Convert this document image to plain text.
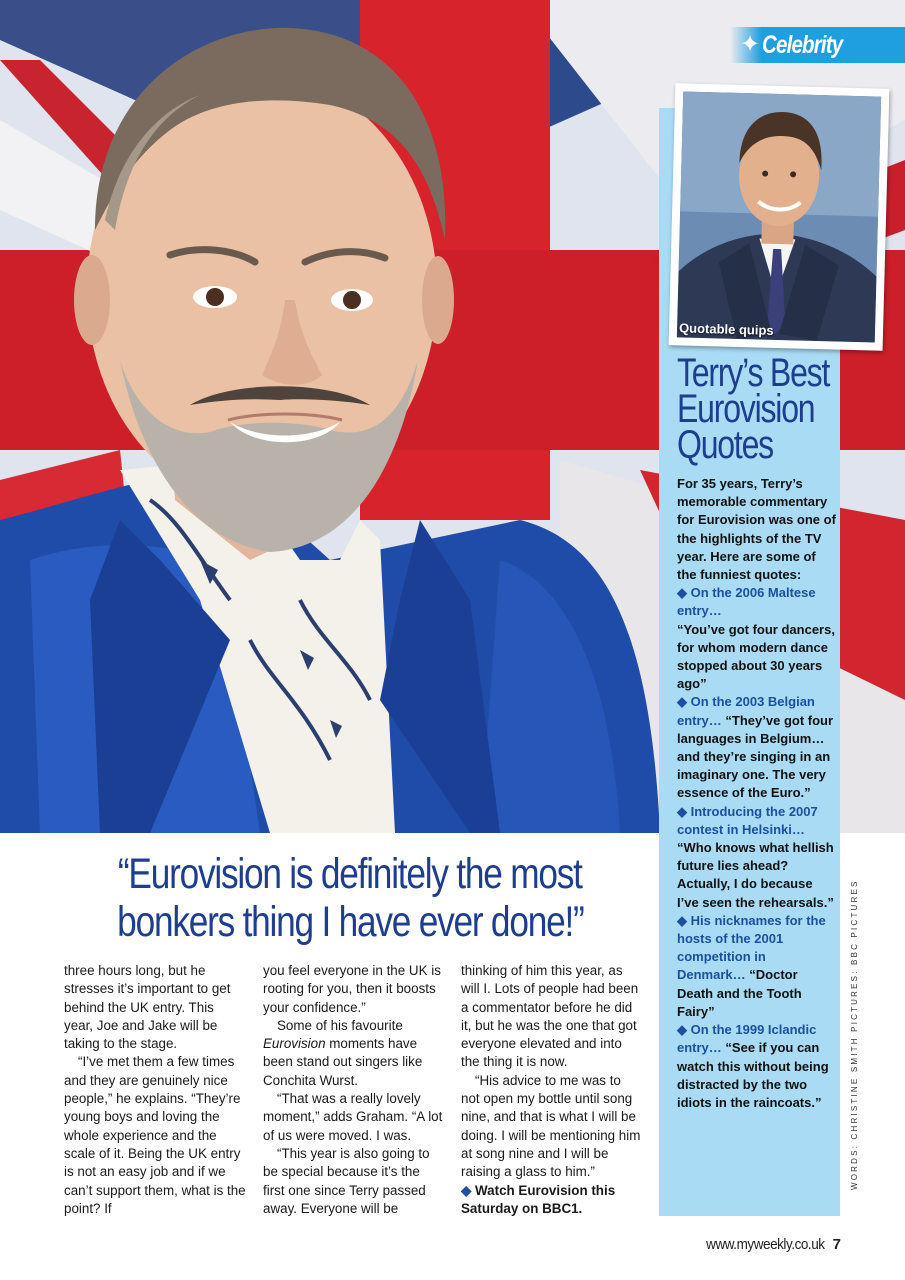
✦ Celebrity
Quotable quips
Terry’s Best
Eurovision
Quotes

For 35 years, Terry’s memorable commentary for Eurovision was one of the highlights of the TV year. Here are some of the funniest quotes:

◆ On the 2006 Maltese entry…
“You’ve got four dancers, for whom modern dance stopped about 30 years ago”

◆ On the 2003 Belgian entry… “They’ve got four languages in Belgium… and they’re singing in an imaginary one. The very essence of the Euro.”

◆ Introducing the 2007 contest in Helsinki… “Who knows what hellish future lies ahead? Actually, I do because I’ve seen the rehearsals.”

◆ His nicknames for the hosts of the 2001 competition in Denmark… “Doctor Death and the Tooth Fairy”

◆ On the 1999 Iclandic entry… “See if you can watch this without being distracted by the two idiots in the raincoats.”

“Eurovision is definitely the most
bonkers thing I have ever done!”

three hours long, but he stresses it’s important to get behind the UK entry. This year, Joe and Jake will be taking to the stage.

“I’ve met them a few times and they are genuinely nice people,” he explains. “They’re young boys and loving the whole experience and the scale of it. Being the UK entry is not an easy job and if we can’t support them, what is the point? If

you feel everyone in the UK is rooting for you, then it boosts your confidence.”

Some of his favourite Eurovision moments have been stand out singers like Conchita Wurst.

“That was a really lovely moment,” adds Graham. “A lot of us were moved. I was.

“This year is also going to be special because it’s the first one since Terry passed away. Everyone will be

thinking of him this year, as will I. Lots of people had been a commentator before he did it, but he was the one that got everyone elevated and into the thing it is now.

“His advice to me was to not open my bottle until song nine, and that is what I will be doing. I will be mentioning him at song nine and I will be raising a glass to him.”

◆ Watch Eurovision this Saturday on BBC1.

WORDS: CHRISTINE SMITH PICTURES: BBC PICTURES
www.myweekly.co.uk 7
